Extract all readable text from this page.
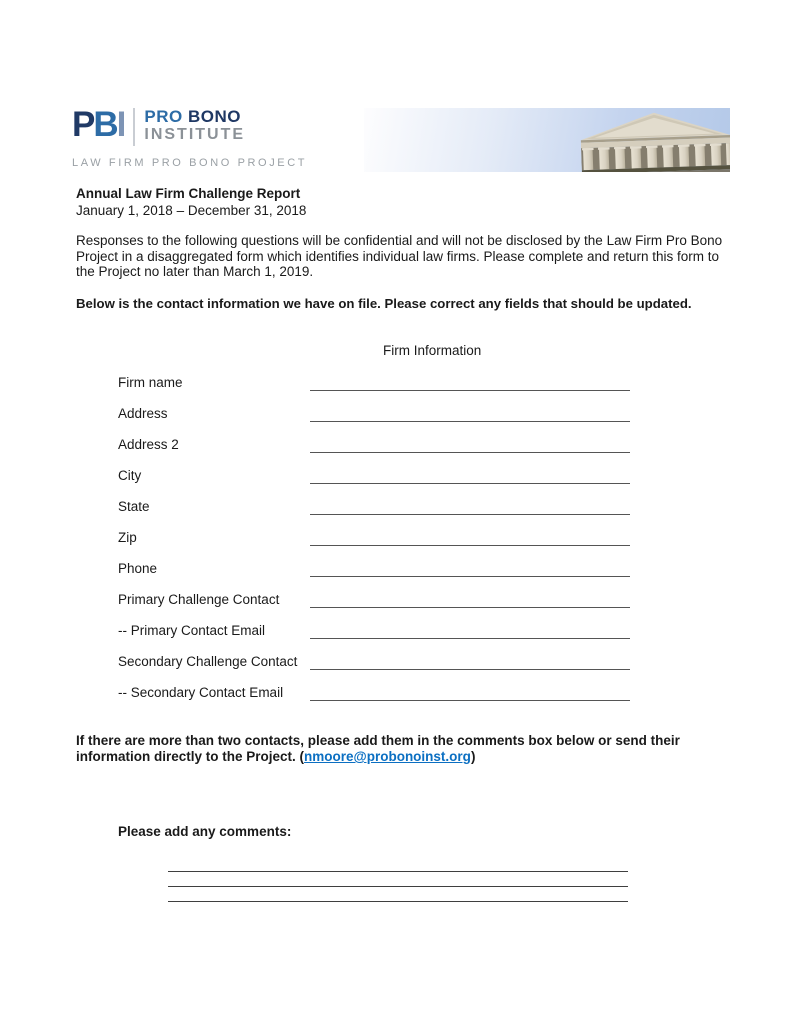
PBI PRO BONO
INSTITUTE
LAW FIRM PRO BONO PROJECT
Annual Law Firm Challenge Report
January 1, 2018 – December 31, 2018

Responses to the following questions will be confidential and will not be disclosed by the Law Firm Pro Bono Project in a disaggregated form which identifies individual law firms. Please complete and return this form to the Project no later than March 1, 2019.

Below is the contact information we have on file. Please correct any fields that should be updated.

Firm Information
Firm name
Address
Address 2
City
State
Zip
Phone
Primary Challenge Contact
-- Primary Contact Email
Secondary Challenge Contact
-- Secondary Contact Email

If there are more than two contacts, please add them in the comments box below or send their information directly to the Project. (nmoore@probonoinst.org)

Please add any comments:
